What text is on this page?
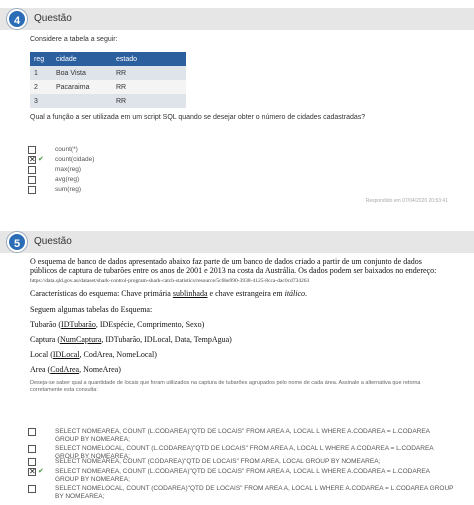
4	Questão
Considere a tabela a seguir:
reg	cidade	estado
1	Boa Vista	RR
2	Pacaraima	RR
3		RR
Qual a função a ser utilizada em um script SQL quando se desejar obter o número de cidades cadastradas?
count(*)
✕
✔ count(cidade)
max(reg)
avg(reg)
sum(reg)
Respondido em 07/04/2020 20:53:41
5	Questão
O esquema de banco de dados apresentado abaixo faz parte de um banco de dados criado a partir de um conjunto de dados públicos de captura de tubarões entre os anos de 2001 e 2013 na costa da Austrália. Os dados podem ser baixados no endereço: https://data.qld.gov.au/dataset/shark-control-program-shark-catch-statistics/resource/5c6be990-3938-4125-8cca-dac0cd734263
Características do esquema: Chave primária sublinhada e chave estrangeira em itálico.
Seguem algumas tabelas do Esquema:
Tubarão (IDTubarão, IDEspécie, Comprimento, Sexo)
Captura (NumCaptura, IDTubarão, IDLocal, Data, TempAgua)
Local (IDLocal, CodArea, NomeLocal)
Area (CodArea, NomeArea)
Deseja-se saber qual a quantidade de locais que foram utilizados na captura de tubarões agrupados pelo nome de cada área. Assinale a alternativa que retorna corretamente esta consulta:
SELECT NOMEAREA, COUNT (L.CODAREA)"QTD DE LOCAIS" FROM AREA A, LOCAL L WHERE A.CODAREA = L.CODAREA GROUP BY NOMEAREA;
SELECT NOMELOCAL, COUNT (L.CODAREA)"QTD DE LOCAIS" FROM AREA A, LOCAL L WHERE A.CODAREA = L.CODAREA GROUP BY NOMEAREA;
SELECT NOMEAREA, COUNT (CODAREA)"QTD DE LOCAIS" FROM AREA, LOCAL GROUP BY NOMEAREA;
✕
✔ SELECT NOMEAREA, COUNT (L.CODAREA)"QTD DE LOCAIS" FROM AREA A, LOCAL L WHERE A.CODAREA = L.CODAREA GROUP BY NOMEAREA;
SELECT NOMELOCAL, COUNT (CODAREA)"QTD DE LOCAIS" FROM AREA A, LOCAL L WHERE A.CODAREA = L.CODAREA GROUP BY NOMEAREA;
